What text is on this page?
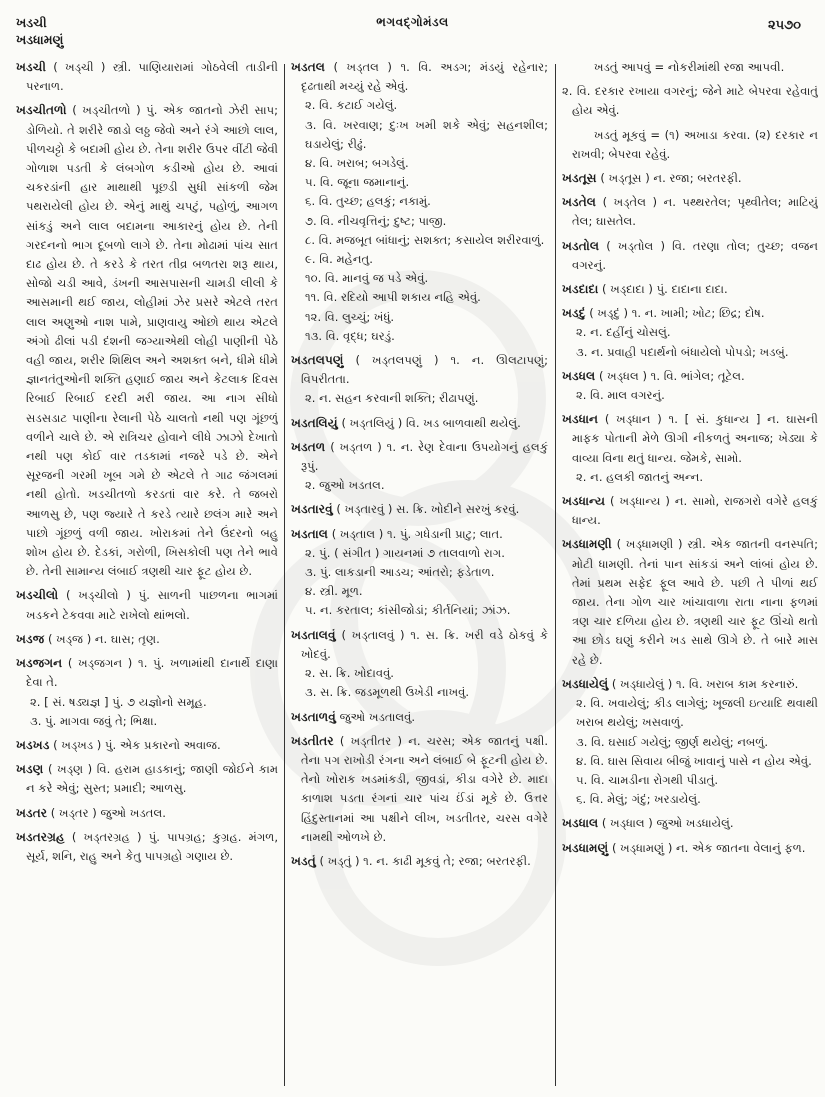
ખડચી
ખડધામણું
ભગવદ્ગોમંડલ	૨૫૭૦

ખડચી ( ખડ્ચી ) સ્ત્રી. પાણિયારામાં ગોઠવેલી તાડીની પરનાળ.

ખડચીતળો ( ખડ્ચીતળો ) પું. એક જાતનો ઝેરી સાપ; ડોળિયો. તે શરીરે જાડો લઠ્ઠ જેવો અને રંગે આછો લાલ, પીળચટ્ટો કે બદામી હોય છે. તેના શરીર ઉપર વીંટી જેવી ગોળાશ પડતી કે લંબગોળ કડીઓ હોય છે. આવાં ચકરડાંની હાર માથાથી પૂછડી સુધી સાંકળી જેમ પથરાયેલી હોય છે. એનું માથું ચપટું, પહોળું, આગળ સાંકડું અને લાલ બદામના આકારનું હોય છે. તેની ગરદનનો ભાગ દૂબળો લાગે છે. તેના મોઢામાં પાંચ સાત દાઢ હોય છે. તે કરડે કે તરત તીવ્ર બળતરા શરૂ થાય, સોજો ચડી આવે, ડંખની આસપાસની ચામડી લીલી કે આસમાની થઈ જાય, લોહીમાં ઝેર પ્રસરે એટલે તરત લાલ અણુઓ નાશ પામે, પ્રાણવાયુ ઓછો થાય એટલે અંગો ઢીલાં પડી દંશની જગ્યાએથી લોહી પાણીની પેઠે વહી જાય, શરીર શિથિલ અને અશક્ત બને, ધીમે ધીમે જ્ઞાનતંતુઓની શક્તિ હણાઈ જાય અને કેટલાક દિવસ રિબાઈ રિબાઈ દરદી મરી જાય. આ નાગ સીધો સડસડાટ પાણીના રેલાની પેઠે ચાલતો નથી પણ ગૂંછળું વળીને ચાલે છે. એ રાત્રિચર હોવાને લીધે ઝાઝો દેખાતો નથી પણ કોઈ વાર તડકામાં નજરે પડે છે. એને સૂરજની ગરમી ખૂબ ગમે છે એટલે તે ગાઢ જંગલમાં નથી હોતો. ખડચીતળો કરડતાં વાર કરે. તે જબરો આળસુ છે, પણ જ્યારે તે કરડે ત્યારે છલંગ મારે અને પાછો ગૂંછળું વળી જાય. ખોરાકમાં તેને ઉંદરનો બહુ શોખ હોય છે. દેડકાં, ગરોળી, ખિસકોલી પણ તેને ભાવે છે. તેની સામાન્ય લંબાઈ ત્રણથી ચાર ફૂટ હોય છે.

ખડચીલો ( ખડ્ચીલો ) પું. સાળની પાછળના ભાગમાં ખડકને ટેકવવા માટે રાખેલો થાંભલો.

ખડજ ( ખડ્જ ) ન. ઘાસ; તૃણ.

ખડજગન ( ખડ્જગન ) ૧. પું. ખળામાંથી દાનાર્થે દાણા દેવા તે.

૨. [ સં. ષડ્યજ્ઞ ] પું. ૭ યજ્ઞોનો સમૂહ.

૩. પું. માગવા જવું તે; ભિક્ષા.

ખડખડ ( ખડ્ખડ ) પું. એક પ્રકારનો અવાજ.

ખડણ ( ખડ્ણ ) વિ. હરામ હાડકાનું; જાણી જોઈને કામ ન કરે એવું; સુસ્ત; પ્રમાદી; આળસુ.

ખડતર ( ખડ્તર ) જુઓ ખડતલ.

ખડતરગ્રહ ( ખડ્તરગ્રહ ) પું. પાપગ્રહ; કુગ્રહ. મંગળ, સૂર્ય, શનિ, રાહુ અને કેતુ પાપગ્રહો ગણાય છે.

ખડતલ ( ખડ્તલ ) ૧. વિ. અડગ; મંડયું રહેનાર; દૃઢતાથી મચ્યું રહે એવું.

૨. વિ. કટાઈ ગયેલું.

૩. વિ. ખરવાણ; દુઃખ ખમી શકે એવું; સહનશીલ; ઘડાયેલું; રીઢું.

૪. વિ. ખરાબ; બગડેલું.

૫. વિ. જૂના જમાનાનું.

૬. વિ. તુચ્છ; હલકું; નકામું.

૭. વિ. નીચવૃત્તિનું; દુષ્ટ; પાજી.

૮. વિ. મજબૂત બાંધાનું; સશક્ત; કસાયેલ શરીરવાળું.

૯. વિ. મહેનતુ.

૧૦. વિ. માનવું જ પડે એવું.

૧૧. વિ. રદિયો આપી શકાય નહિ એવું.

૧૨. વિ. લુચ્ચું; ખંધું.

૧૩. વિ. વૃદ્ધ; ઘરડું.

ખડતલપણું ( ખડ્તલપણું ) ૧. ન. ઊલટાપણું; વિપરીતતા.

૨. ન. સહન કરવાની શક્તિ; રીઢાપણું.

ખડતલિયું ( ખડ્તલિયું ) વિ. ખડ બાળવાથી થયેલું.

ખડતળ ( ખડ્તળ ) ૧. ન. રેણ દેવાના ઉપયોગનું હલકું રૂપું.

૨. જુઓ ખડતલ.

ખડતારવું ( ખડ્તારવું ) સ. ક્રિ. ખોદીને સરખું કરવું.

ખડતાલ ( ખડ્તાલ ) ૧. પું. ગધેડાની પ્રાટુ; લાત.

૨. પું. ( સંગીત ) ગાયનમાં ૭ તાલવાળો રાગ.

૩. પું. લાકડાની આડચ; આંતરો; ફડેતાળ.

૪. સ્ત્રી. મૂળ.

૫. ન. કરતાલ; કાંસીજોડાં; કીર્તનિયાં; ઝાંઝ.

ખડતાલવું ( ખડ્તાલવું ) ૧. સ. ક્રિ. ખરી વડે ઠોકવું કે ખોદવું.

૨. સ. ક્રિ. ખોદાવવું.

૩. સ. ક્રિ. જડમૂળથી ઉખેડી નાખવું.

ખડતાળવું જુઓ ખડતાલવું.

ખડતીતર ( ખડ્તીતર ) ન. ચરસ; એક જાતનું પક્ષી. તેના પગ રાખોડી રંગના અને લંબાઈ બે ફૂટની હોય છે. તેનો ખોરાક ખડમાંકડી, જીવડાં, કીડા વગેરે છે. માદા કાળાશ પડતા રંગનાં ચાર પાંચ ઈંડાં મૂકે છે. ઉત્તર હિંદુસ્તાનમાં આ પક્ષીને લીખ, ખડતીતર, ચરસ વગેરે નામથી ઓળખે છે.

ખડતું ( ખડ્તું ) ૧. ન. કાઢી મૂકવું તે; રજા; બરતરફી.

ખડતું આપવું = નોકરીમાંથી રજા આપવી.

૨. વિ. દરકાર રખાયા વગરનું; જેને માટે બેપરવા રહેવાતું હોય એવું.

ખડતું મૂકવું = (૧) અખાડા કરવા. (૨) દરકાર ન રાખવી; બેપરવા રહેવું.

ખડતૂસ ( ખડ્તૂસ ) ન. રજા; બરતરફી.

ખડતેલ ( ખડ્તેલ ) ન. પથ્થરતેલ; પૃથ્વીતેલ; માટિયું તેલ; ઘાસતેલ.

ખડતોલ ( ખડ્તોલ ) વિ. તરણા તોલ; તુચ્છ; વજન વગરનું.

ખડદાદા ( ખડ્દાદા ) પું. દાદાના દાદા.

ખડદું ( ખડ્દું ) ૧. ન. ખામી; ખોટ; છિદ્ર; દોષ.

૨. ન. દહીંનું ચોસલું.

૩. ન. પ્રવાહી પદાર્થનો બંધાયેલો પોપડો; ખડબું.

ખડધલ ( ખડ્ધલ ) ૧. વિ. ભાંગેલ; તૂટેલ.

૨. વિ. માલ વગરનું.

ખડધાન ( ખડ્ધાન ) ૧. [ સં. કુધાન્ય ] ન. ઘાસની માફક પોતાની મેળે ઊગી નીકળતું અનાજ; ખેડ્યા કે વાવ્યા વિના થતું ધાન્ય. જેમકે, સામો.

૨. ન. હલકી જાતનું અન્ન.

ખડધાન્ય ( ખડ્ધાન્ય ) ન. સામો, રાજગરો વગેરે હલકું ધાન્ય.

ખડધામણી ( ખડ્ધામણી ) સ્ત્રી. એક જાતની વનસ્પતિ; મોટી ધામણી. તેનાં પાન સાંકડાં અને લાંબાં હોય છે. તેમાં પ્રથમ સફેદ ફૂલ આવે છે. પછી તે પીળાં થઈ જાય. તેના ગોળ ચાર ખાંચાવાળા રાતા નાના ફળમાં ત્રણ ચાર દળિયા હોય છે. ત્રણથી ચાર ફૂટ ઊંચો થતો આ છોડ ઘણું કરીને ખડ સાથે ઊગે છે. તે બારે માસ રહે છે.

ખડધાયેલું ( ખડ્ધાયેલું ) ૧. વિ. ખરાબ કામ કરનારું.

૨. વિ. ખવાયેલું; કીડ લાગેલું; ખૂજલી ઇત્યાદિ થવાથી ખરાબ થયેલું; ખસવાળું.

૩. વિ. ઘસાઈ ગયેલું; જીર્ણ થયેલું; નબળું.

૪. વિ. ઘાસ સિવાય બીજું ખાવાનું પાસે ન હોય એવું.

૫. વિ. ચામડીના રોગથી પીડાતું.

૬. વિ. મેલું; ગંદું; ખરડાયેલું.

ખડધાલ ( ખડ્ધાલ ) જુઓ ખડધાયેલું.

ખડધામણું ( ખડ્ધામણું ) ન. એક જાતના વેલાનું ફળ.
